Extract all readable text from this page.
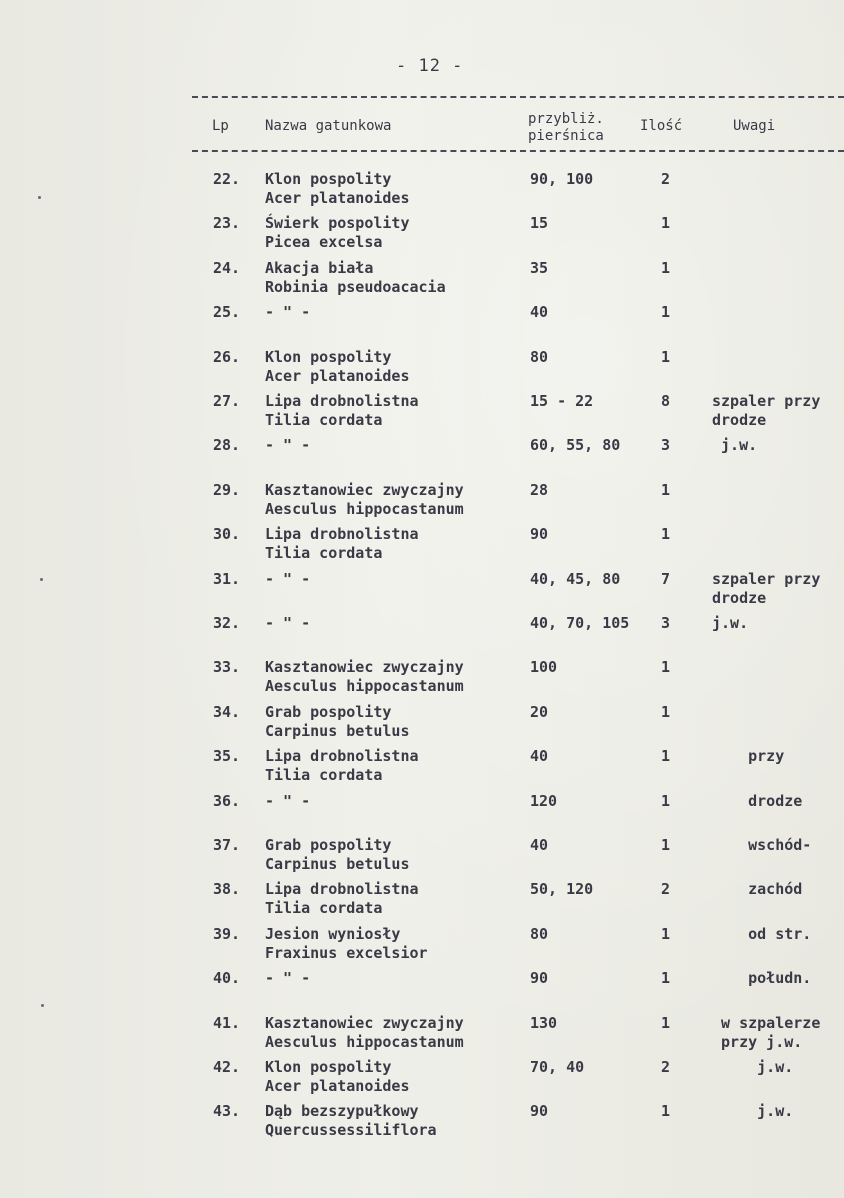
- 12 -
Lp	Nazwa gatunkowa	przybliż.
pierśnica
Ilość	Uwagi
22. Klon pospolity
Acer platanoides
90, 100	2
23. Świerk pospolity
Picea excelsa
15	1
24. Akacja biała
Robinia pseudoacacia
35	1
25. - " -	40	1
26. Klon pospolity
Acer platanoides
80	1
27. Lipa drobnolistna
Tilia cordata
15 - 22	8	szpaler przy
drodze
28. - " -	60, 55, 80	3	j.w.
29. Kasztanowiec zwyczajny
Aesculus hippocastanum
28	1
30. Lipa drobnolistna
Tilia cordata
90	1
31. - " -	40, 45, 80	7	szpaler przy
drodze
32. - " -	40, 70, 105 3	j.w.
33. Kasztanowiec zwyczajny
Aesculus hippocastanum
100	1
34. Grab pospolity
Carpinus betulus
20	1
35. Lipa drobnolistna
Tilia cordata
40	1	przy
36. - " -	120	1	drodze
37. Grab pospolity
Carpinus betulus
40	1	wschód-
38. Lipa drobnolistna
Tilia cordata
50, 120	2	zachód
39. Jesion wyniosły
Fraxinus excelsior
80	1	od str.
40. - " -	90	1	połudn.
41. Kasztanowiec zwyczajny
Aesculus hippocastanum
130	1	w szpalerze
przy j.w.
42. Klon pospolity
Acer platanoides
70, 40	2	j.w.
43. Dąb bezszypułkowy
Quercussessiliflora
90	1	j.w.
